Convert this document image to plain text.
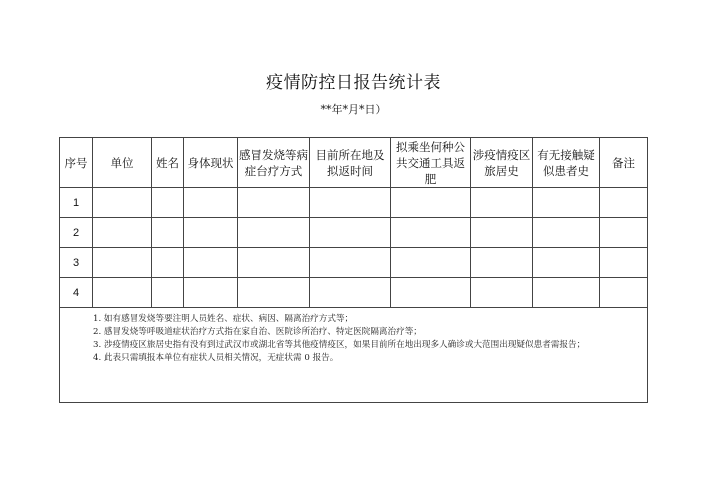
疫情防控日报告统计表
**年*月*日）
序号	单位	姓名	身体现状	感冒发烧等病症台疗方式	目前所在地及拟返时间	拟乘坐何种公共交通工具返肥	涉疫情疫区旅居史	有无接触疑似患者史	备注
1									
2									
3									
4									

1. 如有感冒发烧等要注明人员姓名、症状、病因、隔离治疗方式等；
2. 感冒发烧等呼吸道症状治疗方式指在家自治、医院诊所治疗、特定医院隔离治疗等；
3. 涉疫情疫区旅居史指有没有到过武汉市或湖北省等其他疫情疫区，如果目前所在地出现多人确诊或大范围出现疑似患者需报告；
4. 此表只需填报本单位有症状人员相关情况，无症状需 0 报告。									
